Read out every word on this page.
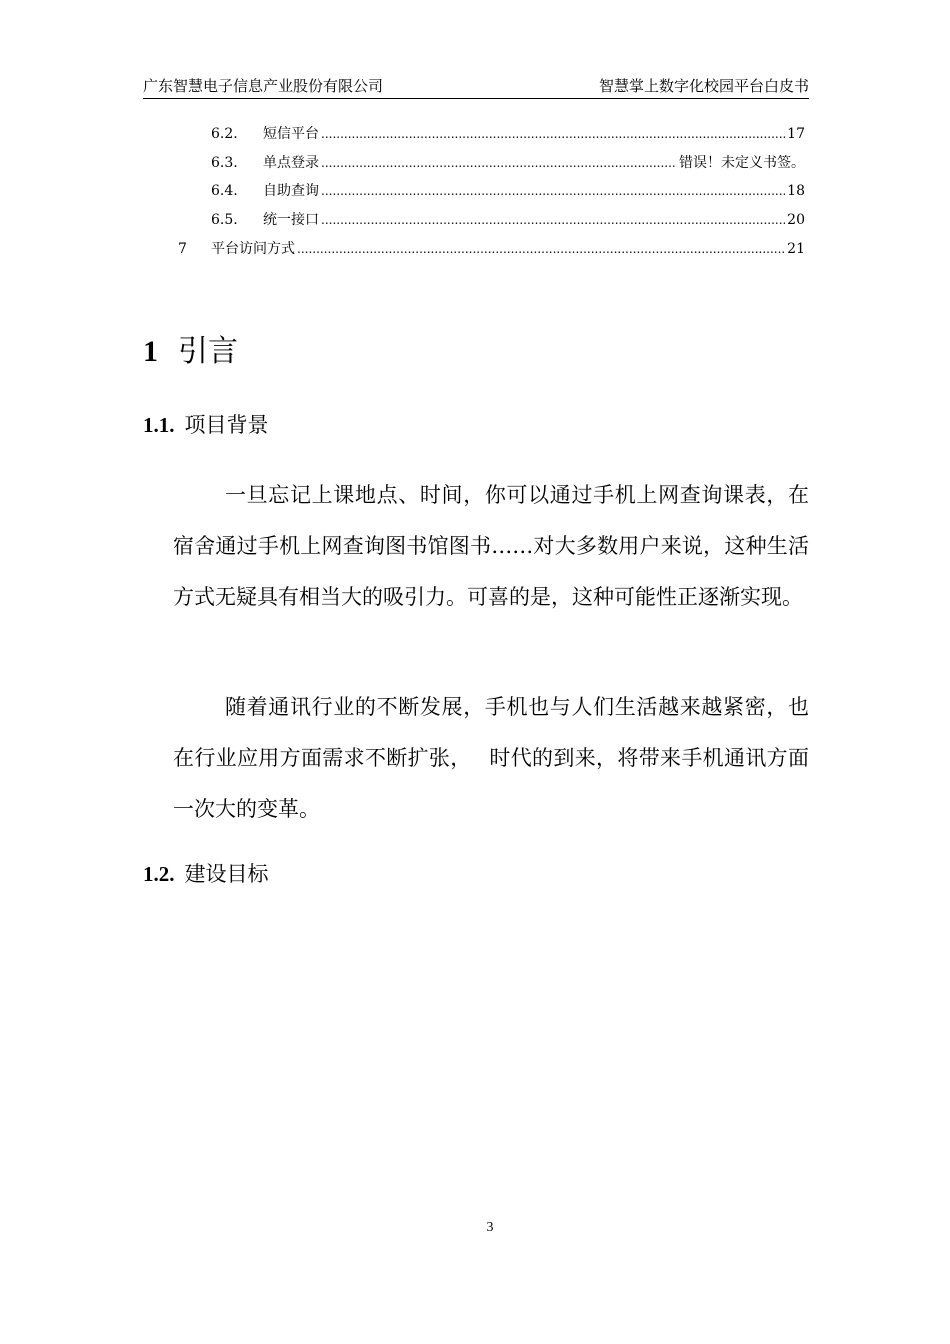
广东智慧电子信息产业股份有限公司	智慧掌上数字化校园平台白皮书
6.2. 短信平台 .....	17
6.3. 单点登录 .....	错误！未定义书签。
6.4. 自助查询 .....	18
6.5. 统一接口 .....	20
7 平台访问方式 .....	21
1 引言
1.1. 项目背景
一旦忘记上课地点、时间，你可以通过手机上网查询课表，在宿舍通过手机上网查询图书馆图书……对大多数用户来说，这种生活方式无疑具有相当大的吸引力。可喜的是，这种可能性正逐渐实现。
随着通讯行业的不断发展，手机也与人们生活越来越紧密，也在行业应用方面需求不断扩张，　 时代的到来，将带来手机通讯方面一次大的变革。
1.2. 建设目标
3
